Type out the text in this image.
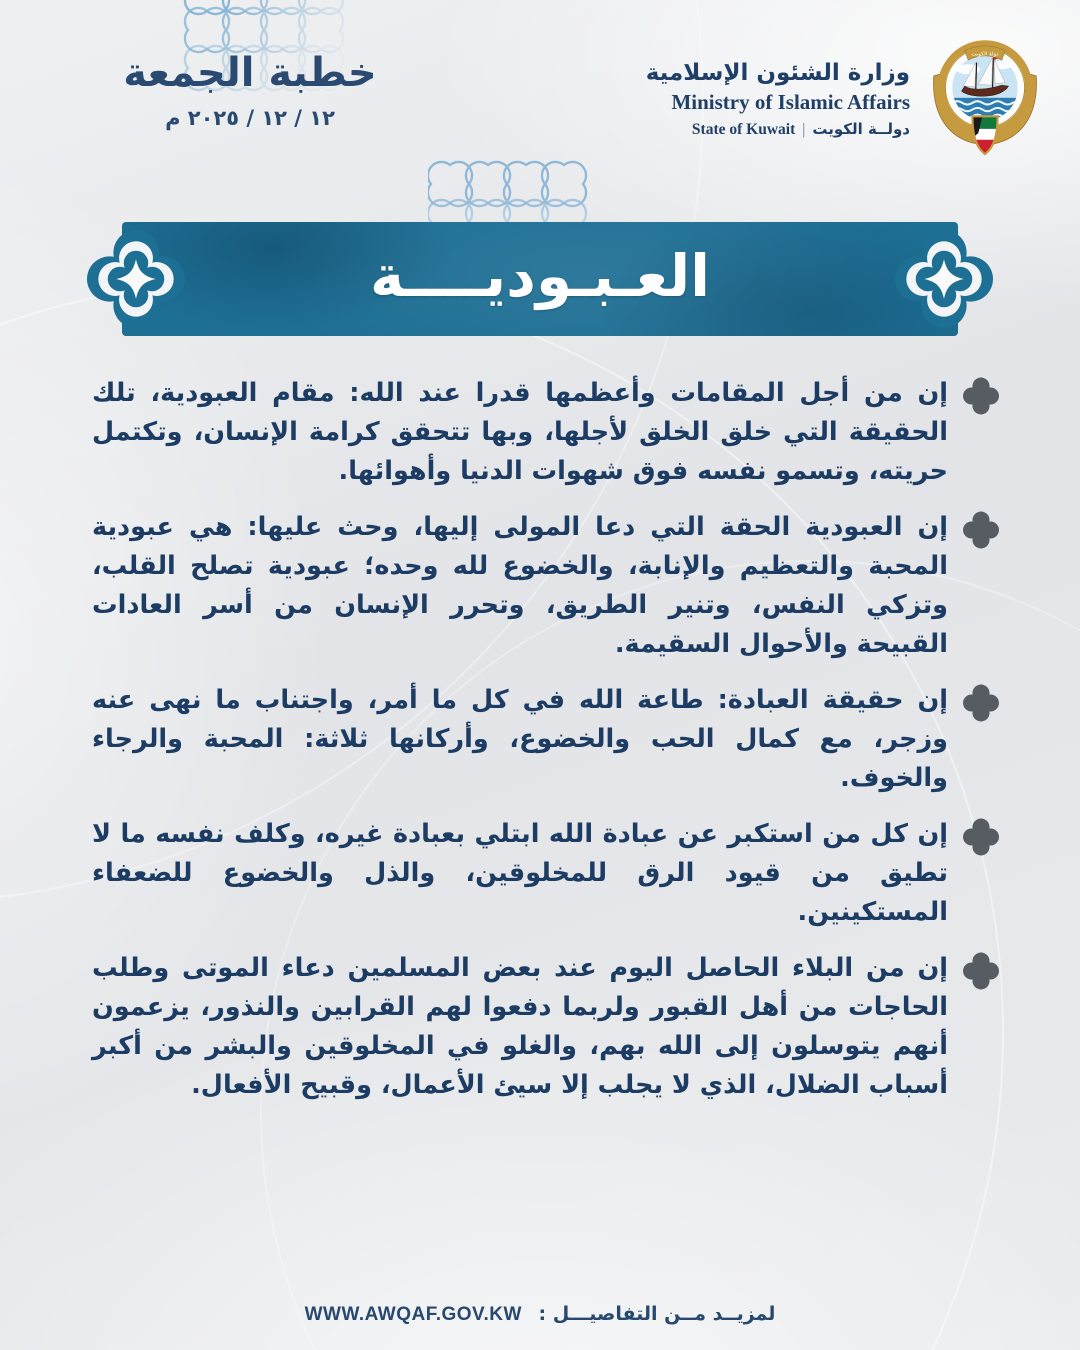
خطبة الجمعة
١٢ / ١٢ / ٢٠٢٥ م
وزارة الشئون الإسلامية
Ministry of Islamic Affairs
State of Kuwait | دولــة الكويت
دولة الكويت
العـبـوديــــة
إن من أجل المقامات وأعظمها قدرا عند الله: مقام العبودية، تلك الحقيقة التي خلق الخلق لأجلها، وبها تتحقق كرامة الإنسان، وتكتمل حريته، وتسمو نفسه فوق شهوات الدنيا وأهوائها.
إن العبودية الحقة التي دعا المولى إليها، وحث عليها: هي عبودية المحبة والتعظيم والإنابة، والخضوع لله وحده؛ عبودية تصلح القلب، وتزكي النفس، وتنير الطريق، وتحرر الإنسان من أسر العادات القبيحة والأحوال السقيمة.
إن حقيقة العبادة: طاعة الله في كل ما أمر، واجتناب ما نهى عنه وزجر، مع كمال الحب والخضوع، وأركانها ثلاثة: المحبة والرجاء والخوف.
إن كل من استكبر عن عبادة الله ابتلي بعبادة غيره، وكلف نفسه ما لا تطيق من قيود الرق للمخلوقين، والذل والخضوع للضعفاء المستكينين.
إن من البلاء الحاصل اليوم عند بعض المسلمين دعاء الموتى وطلب الحاجات من أهل القبور ولربما دفعوا لهم القرابين والنذور، يزعمون أنهم يتوسلون إلى الله بهم، والغلو في المخلوقين والبشر من أكبر أسباب الضلال، الذي لا يجلب إلا سيئ الأعمال، وقبيح الأفعال.
لمزيــد مــن التفاصيـــل : WWW.AWQAF.GOV.KW
